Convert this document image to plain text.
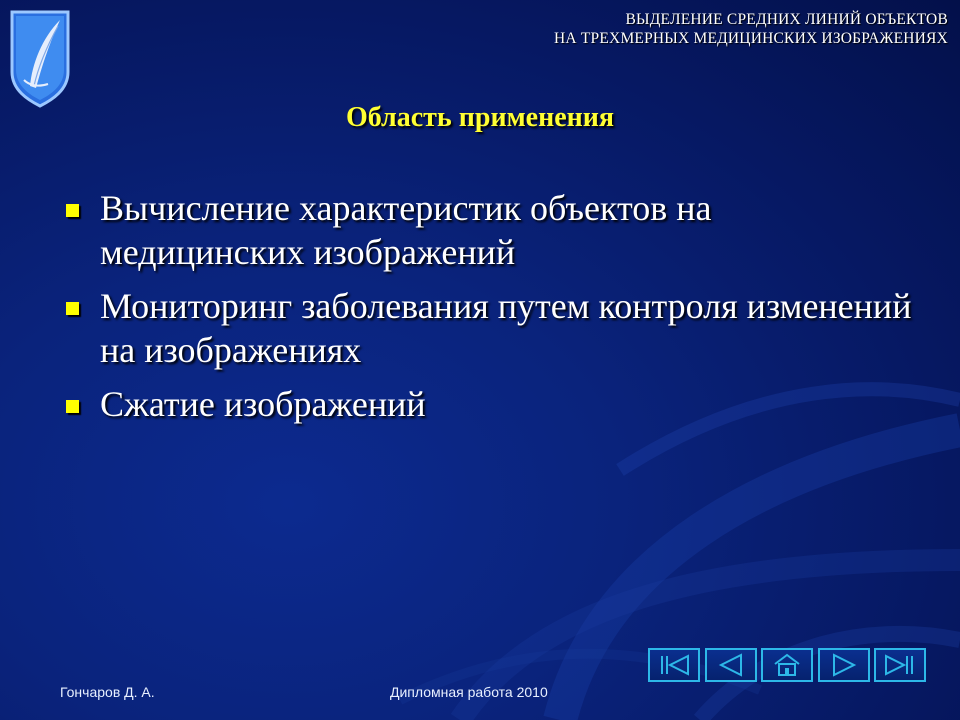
ВЫДЕЛЕНИЕ СРЕДНИХ ЛИНИЙ ОБЪЕКТОВ
НА ТРЕХМЕРНЫХ МЕДИЦИНСКИХ ИЗОБРАЖЕНИЯХ
Область применения
Вычисление характеристик объектов на медицинских изображений
Мониторинг заболевания путем контроля изменений на изображениях
Сжатие изображений
Гончаров Д. А.	Дипломная работа 2010
